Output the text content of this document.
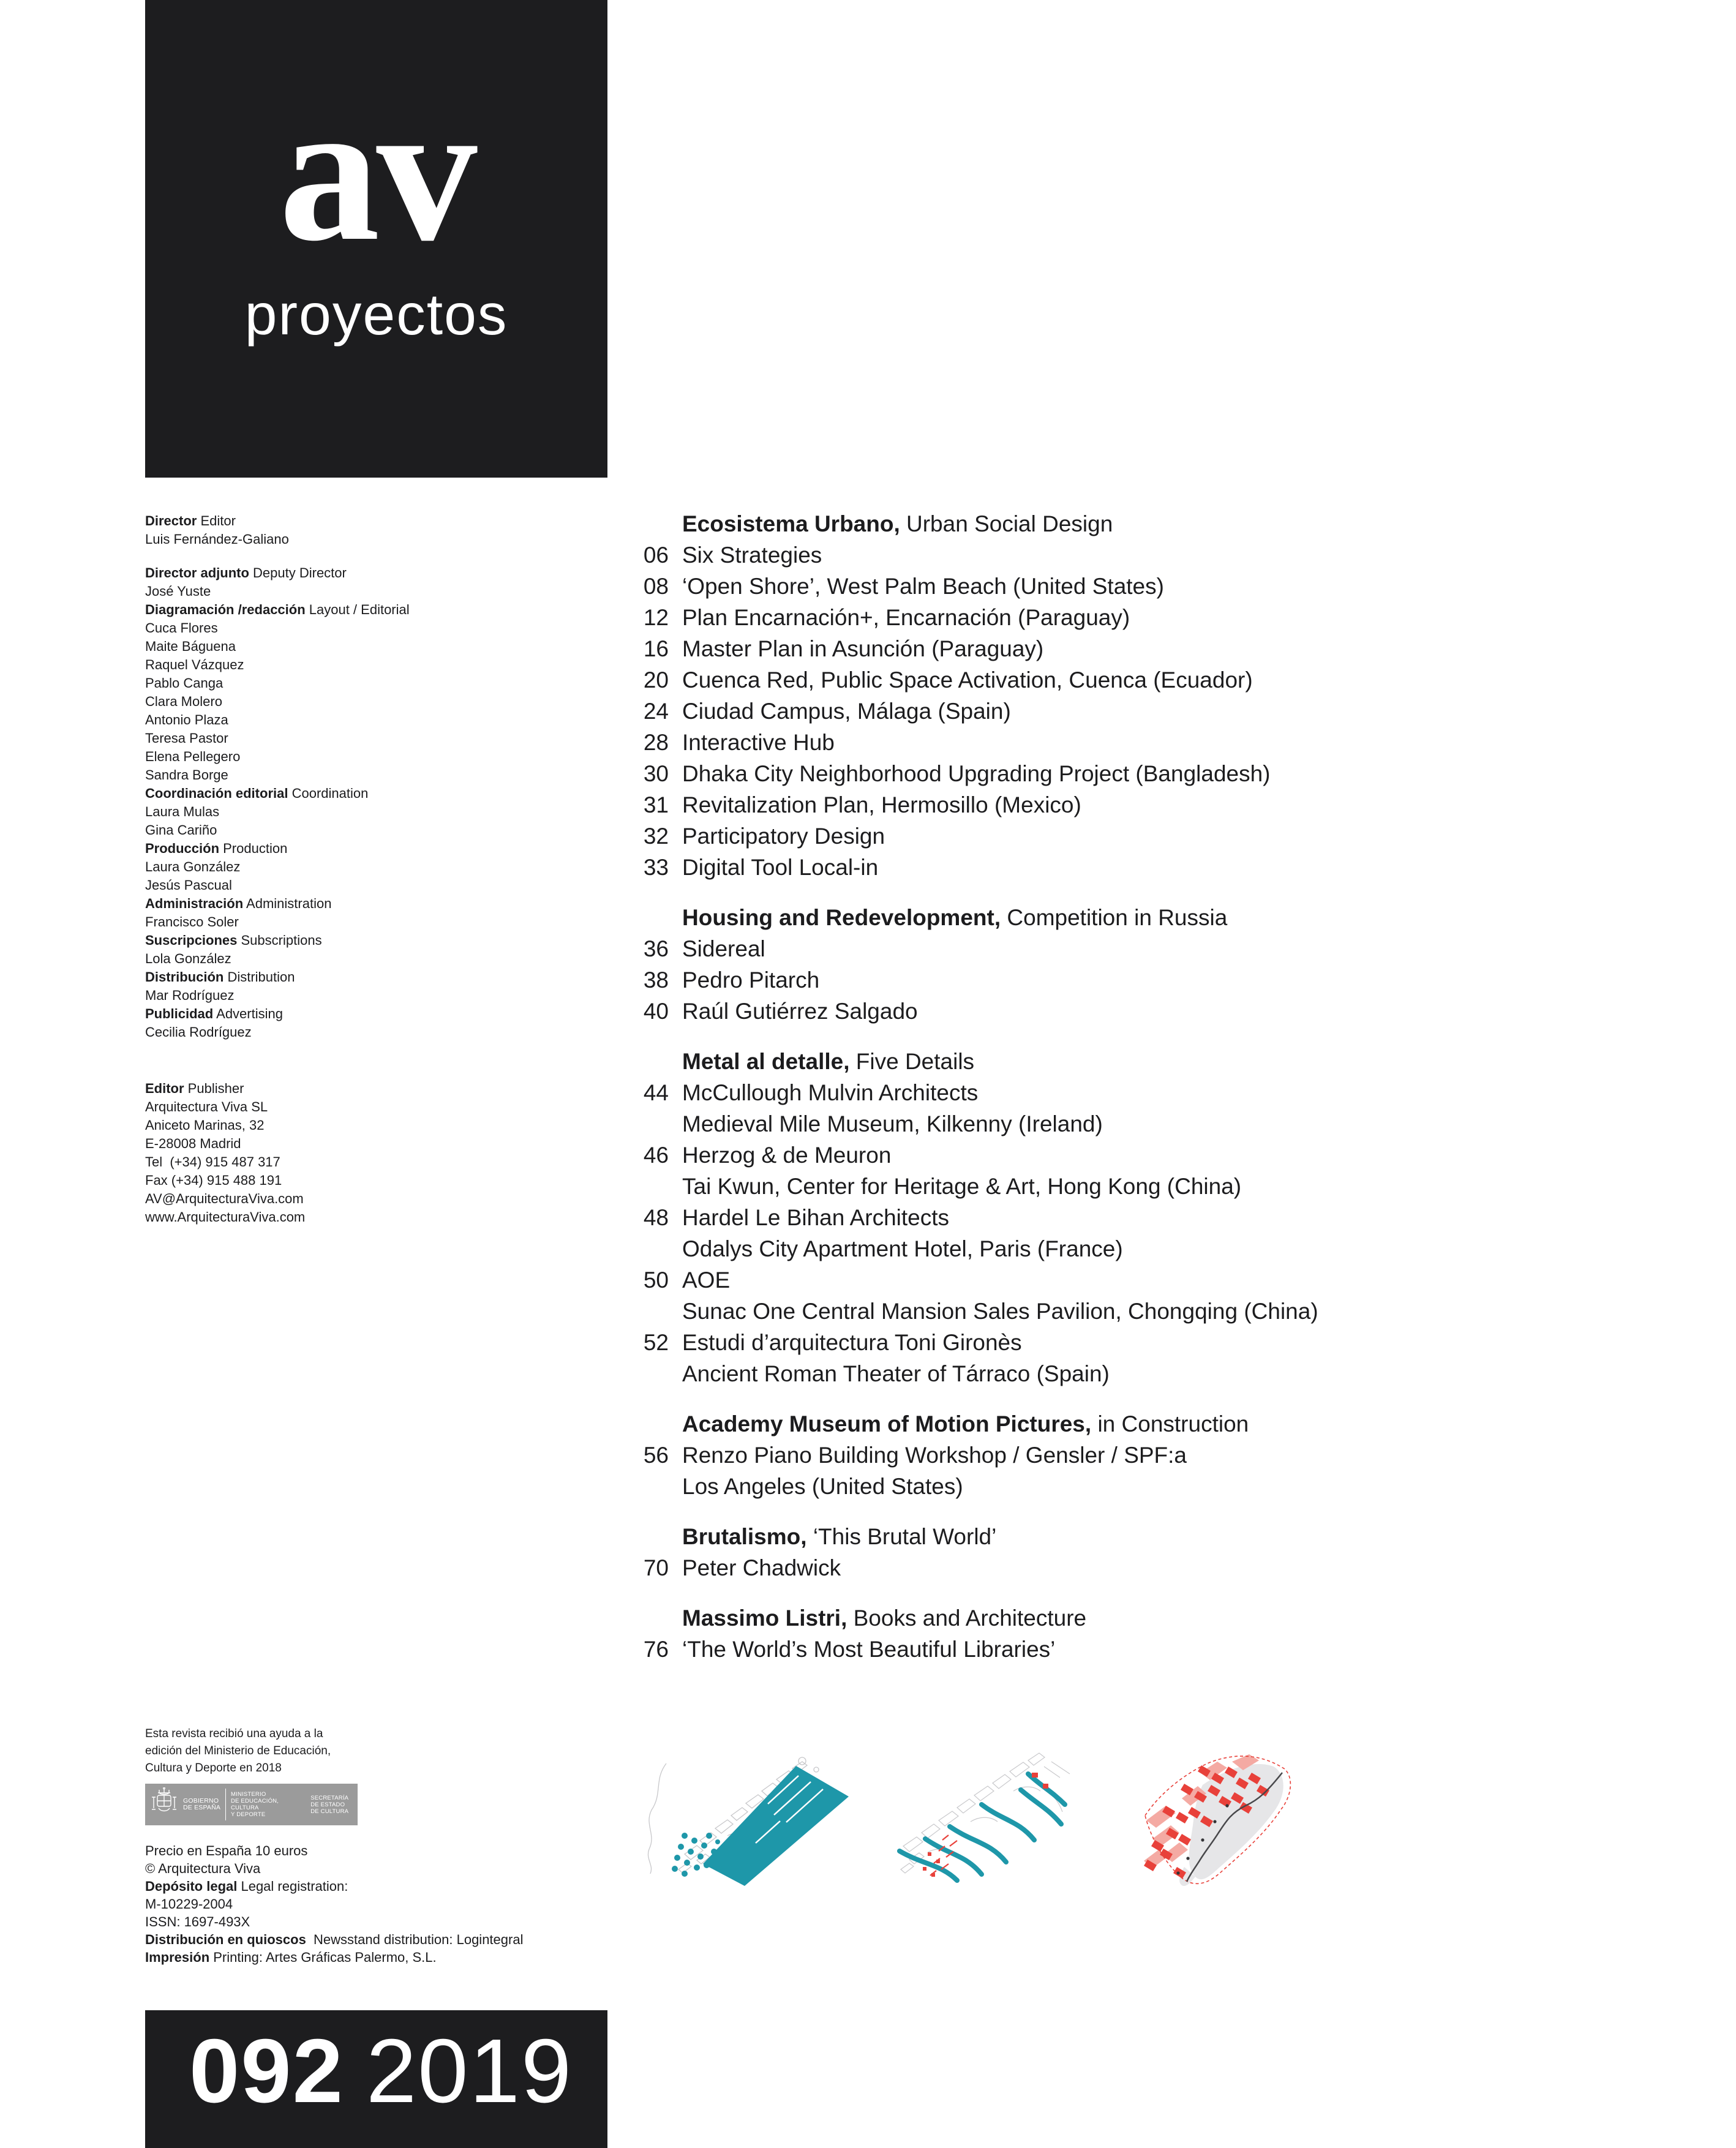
av
proyectos
Director Editor
Luis Fernández-Galiano
Director adjunto Deputy Director
José Yuste
Diagramación /redacción Layout / Editorial
Cuca Flores
Maite Báguena
Raquel Vázquez
Pablo Canga
Clara Molero
Antonio Plaza
Teresa Pastor
Elena Pellegero
Sandra Borge
Coordinación editorial Coordination
Laura Mulas
Gina Cariño
Producción Production
Laura González
Jesús Pascual
Administración Administration
Francisco Soler
Suscripciones Subscriptions
Lola González
Distribución Distribution
Mar Rodríguez
Publicidad Advertising
Cecilia Rodríguez
Editor Publisher
Arquitectura Viva SL
Aniceto Marinas, 32
E-28008 Madrid
Tel  (+34) 915 487 317
Fax (+34) 915 488 191
AV@ArquitecturaViva.com
www.ArquitecturaViva.com
Ecosistema Urbano, Urban Social Design
06 Six Strategies
08 ‘Open Shore’, West Palm Beach (United States)
12 Plan Encarnación+, Encarnación (Paraguay)
16 Master Plan in Asunción (Paraguay)
20 Cuenca Red, Public Space Activation, Cuenca (Ecuador)
24 Ciudad Campus, Málaga (Spain)
28 Interactive Hub
30 Dhaka City Neighborhood Upgrading Project (Bangladesh)
31 Revitalization Plan, Hermosillo (Mexico)
32 Participatory Design
33 Digital Tool Local-in
Housing and Redevelopment, Competition in Russia
36 Sidereal
38 Pedro Pitarch
40 Raúl Gutiérrez Salgado
Metal al detalle, Five Details
44 McCullough Mulvin Architects
Medieval Mile Museum, Kilkenny (Ireland)
46 Herzog & de Meuron
Tai Kwun, Center for Heritage & Art, Hong Kong (China)
48 Hardel Le Bihan Architects
Odalys City Apartment Hotel, Paris (France)
50 AOE
Sunac One Central Mansion Sales Pavilion, Chongqing (China)
52 Estudi d’arquitectura Toni Gironès
Ancient Roman Theater of Tárraco (Spain)
Academy Museum of Motion Pictures, in Construction
56 Renzo Piano Building Workshop / Gensler / SPF:a
Los Angeles (United States)
Brutalismo, ‘This Brutal World’
70 Peter Chadwick
Massimo Listri, Books and Architecture
76 ‘The World’s Most Beautiful Libraries’
Esta revista recibió una ayuda a la
edición del Ministerio de Educación,
Cultura y Deporte en 2018
GOBIERNO
DE ESPAÑA
MINISTERIO
DE EDUCACIÓN, CULTURA
Y DEPORTE
SECRETARÍA
DE ESTADO
DE CULTURA
Precio en España 10 euros
© Arquitectura Viva
Depósito legal Legal registration:
M-10229-2004
ISSN: 1697-493X
Distribución en quioscos  Newsstand distribution: Logintegral
Impresión Printing: Artes Gráficas Palermo, S.L.
092 2019
